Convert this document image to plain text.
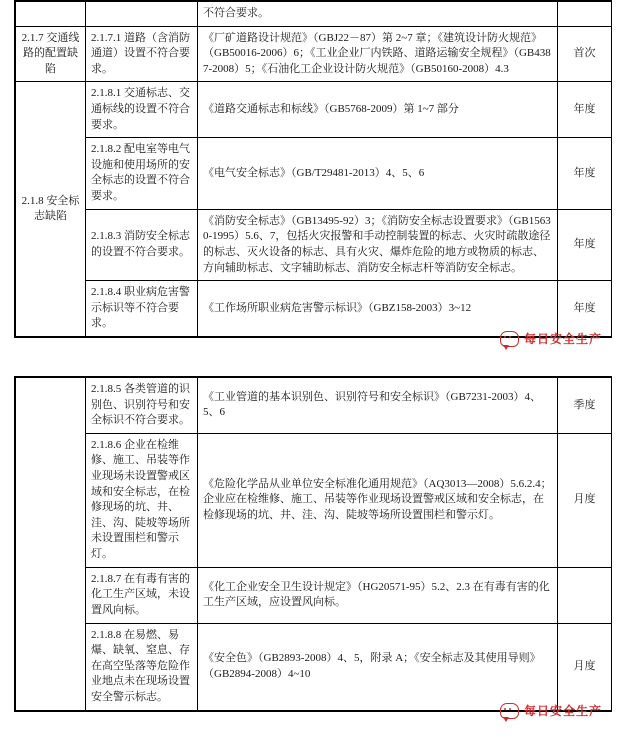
		不符合要求。	
2.1.7 交通线路的配置缺陷	2.1.7.1 道路（含消防通道）设置不符合要求。	《厂矿道路设计规范》（GBJ22－87）第 2~7 章；《建筑设计防火规范》（GB50016-2006）6；《工业企业厂内铁路、道路运输安全规程》（GB4387-2008）5；《石油化工企业设计防火规范》（GB50160-2008）4.3	首次
2.1.8 安全标志缺陷	2.1.8.1 交通标志、交通标线的设置不符合要求。	《道路交通标志和标线》（GB5768-2009）第 1~7 部分	年度
	2.1.8.2 配电室等电气设施和使用场所的安全标志的设置不符合要求。	《电气安全标志》（GB/T29481-2013）4、5、6	年度
	2.1.8.3 消防安全标志的设置不符合要求。	《消防安全标志》（GB13495-92）3；《消防安全标志设置要求》（GB15630-1995）5.6、7，包括火灾报警和手动控制装置的标志、火灾时疏散途径的标志、灭火设备的标志、具有火灾、爆炸危险的地方或物质的标志、方向辅助标志、文字辅助标志、消防安全标志杆等消防安全标志。	年度
	2.1.8.4 职业病危害警示标识等不符合要求。	《工作场所职业病危害警示标识》（GBZ158-2003）3~12	年度
	2.1.8.5 各类管道的识别色、识别符号和安全标识不符合要求。	《工业管道的基本识别色、识别符号和安全标识》（GB7231-2003）4、5、6	季度
	2.1.8.6 企业在检维修、施工、吊装等作业现场未设置警戒区域和安全标志，在检修现场的坑、井、洼、沟、陡坡等场所未设置围栏和警示灯。	《危险化学品从业单位安全标准化通用规范》（AQ3013—2008）5.6.2.4；企业应在检维修、施工、吊装等作业现场设置警戒区域和安全标志，在检修现场的坑、井、洼、沟、陡坡等场所设置围栏和警示灯。	月度
	2.1.8.7 在有毒有害的化工生产区域，未设置风向标。	《化工企业安全卫生设计规定》（HG20571-95）5.2、2.3 在有毒有害的化工生产区域，应设置风向标。	
	2.1.8.8 在易燃、易爆、缺氧、窒息、存在高空坠落等危险作业地点未在现场设置安全警示标志。	《安全色》（GB2893-2008）4、5，附录 A；《安全标志及其使用导则》（GB2894-2008）4~10	月度
每日安全生产
每日安全生产
